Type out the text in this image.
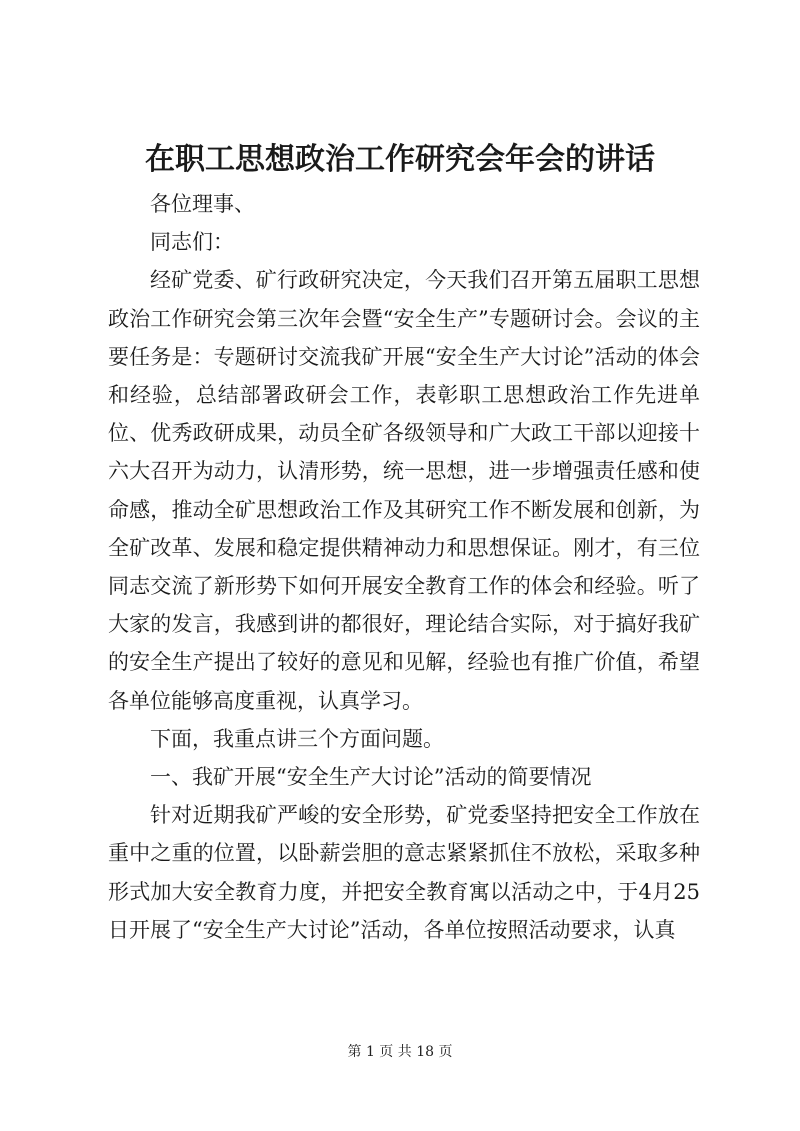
在职工思想政治工作研究会年会的讲话

各位理事、

同志们：

经矿党委、矿行政研究决定，今天我们召开第五届职工思想政治工作研究会第三次年会暨“安全生产”专题研讨会。会议的主要任务是：专题研讨交流我矿开展“安全生产大讨论”活动的体会和经验，总结部署政研会工作，表彰职工思想政治工作先进单位、优秀政研成果，动员全矿各级领导和广大政工干部以迎接十六大召开为动力，认清形势，统一思想，进一步增强责任感和使命感，推动全矿思想政治工作及其研究工作不断发展和创新，为全矿改革、发展和稳定提供精神动力和思想保证。刚才，有三位同志交流了新形势下如何开展安全教育工作的体会和经验。听了大家的发言，我感到讲的都很好，理论结合实际，对于搞好我矿的安全生产提出了较好的意见和见解，经验也有推广价值，希望各单位能够高度重视，认真学习。

下面，我重点讲三个方面问题。

一、我矿开展“安全生产大讨论”活动的简要情况

针对近期我矿严峻的安全形势，矿党委坚持把安全工作放在重中之重的位置，以卧薪尝胆的意志紧紧抓住不放松，采取多种形式加大安全教育力度，并把安全教育寓以活动之中，于4月25日开展了“安全生产大讨论”活动，各单位按照活动要求，认真

第 1 页 共 18 页
